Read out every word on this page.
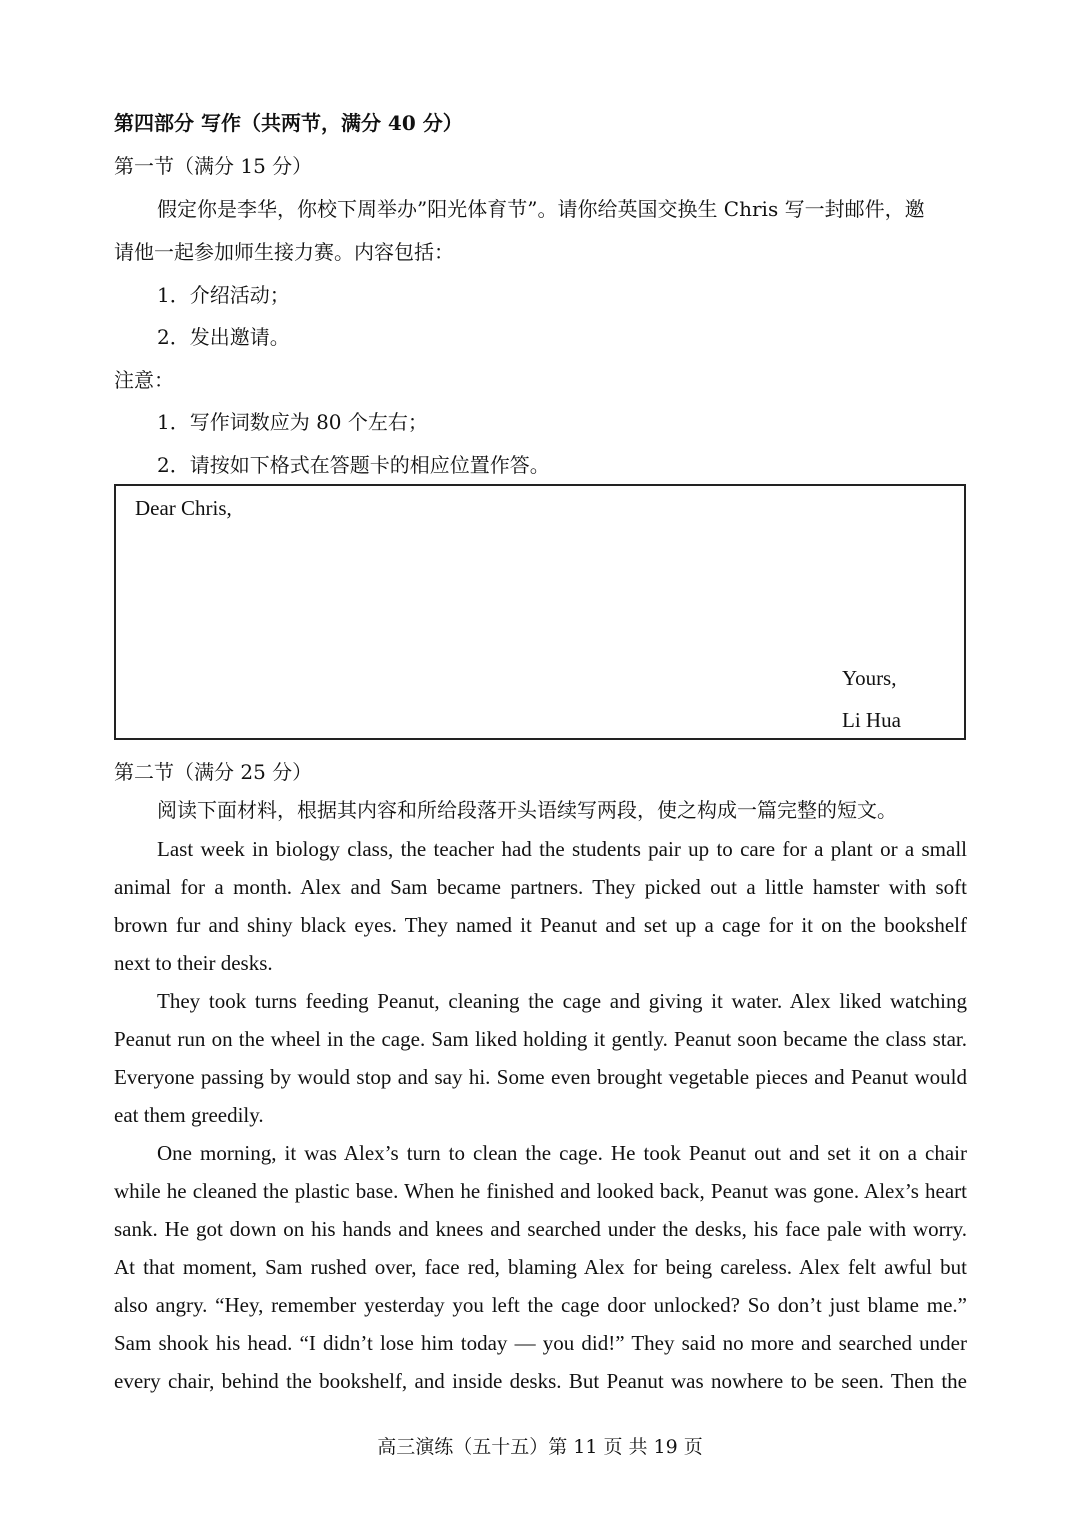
第四部分 写作（共两节，满分 40 分）
第一节（满分 15 分）
假定你是李华，你校下周举办”阳光体育节”。请你给英国交换生 Chris 写一封邮件，邀
请他一起参加师生接力赛。内容包括：
1．介绍活动；
2．发出邀请。
注意：
1．写作词数应为 80 个左右；
2．请按如下格式在答题卡的相应位置作答。
Dear Chris,
Yours,
Li Hua
第二节（满分 25 分）
阅读下面材料，根据其内容和所给段落开头语续写两段，使之构成一篇完整的短文。
Last week in biology class, the teacher had the students pair up to care for a plant or a small
animal for a month. Alex and Sam became partners. They picked out a little hamster with soft
brown fur and shiny black eyes. They named it Peanut and set up a cage for it on the bookshelf
next to their desks.
They took turns feeding Peanut, cleaning the cage and giving it water. Alex liked watching
Peanut run on the wheel in the cage. Sam liked holding it gently. Peanut soon became the class star.
Everyone passing by would stop and say hi. Some even brought vegetable pieces and Peanut would
eat them greedily.
One morning, it was Alex’s turn to clean the cage. He took Peanut out and set it on a chair
while he cleaned the plastic base. When he finished and looked back, Peanut was gone. Alex’s heart
sank. He got down on his hands and knees and searched under the desks, his face pale with worry.
At that moment, Sam rushed over, face red, blaming Alex for being careless. Alex felt awful but
also angry. “Hey, remember yesterday you left the cage door unlocked? So don’t just blame me.”
Sam shook his head. “I didn’t lose him today — you did!” They said no more and searched under
every chair, behind the bookshelf, and inside desks. But Peanut was nowhere to be seen. Then the
高三演练（五十五）第 11 页 共 19 页
